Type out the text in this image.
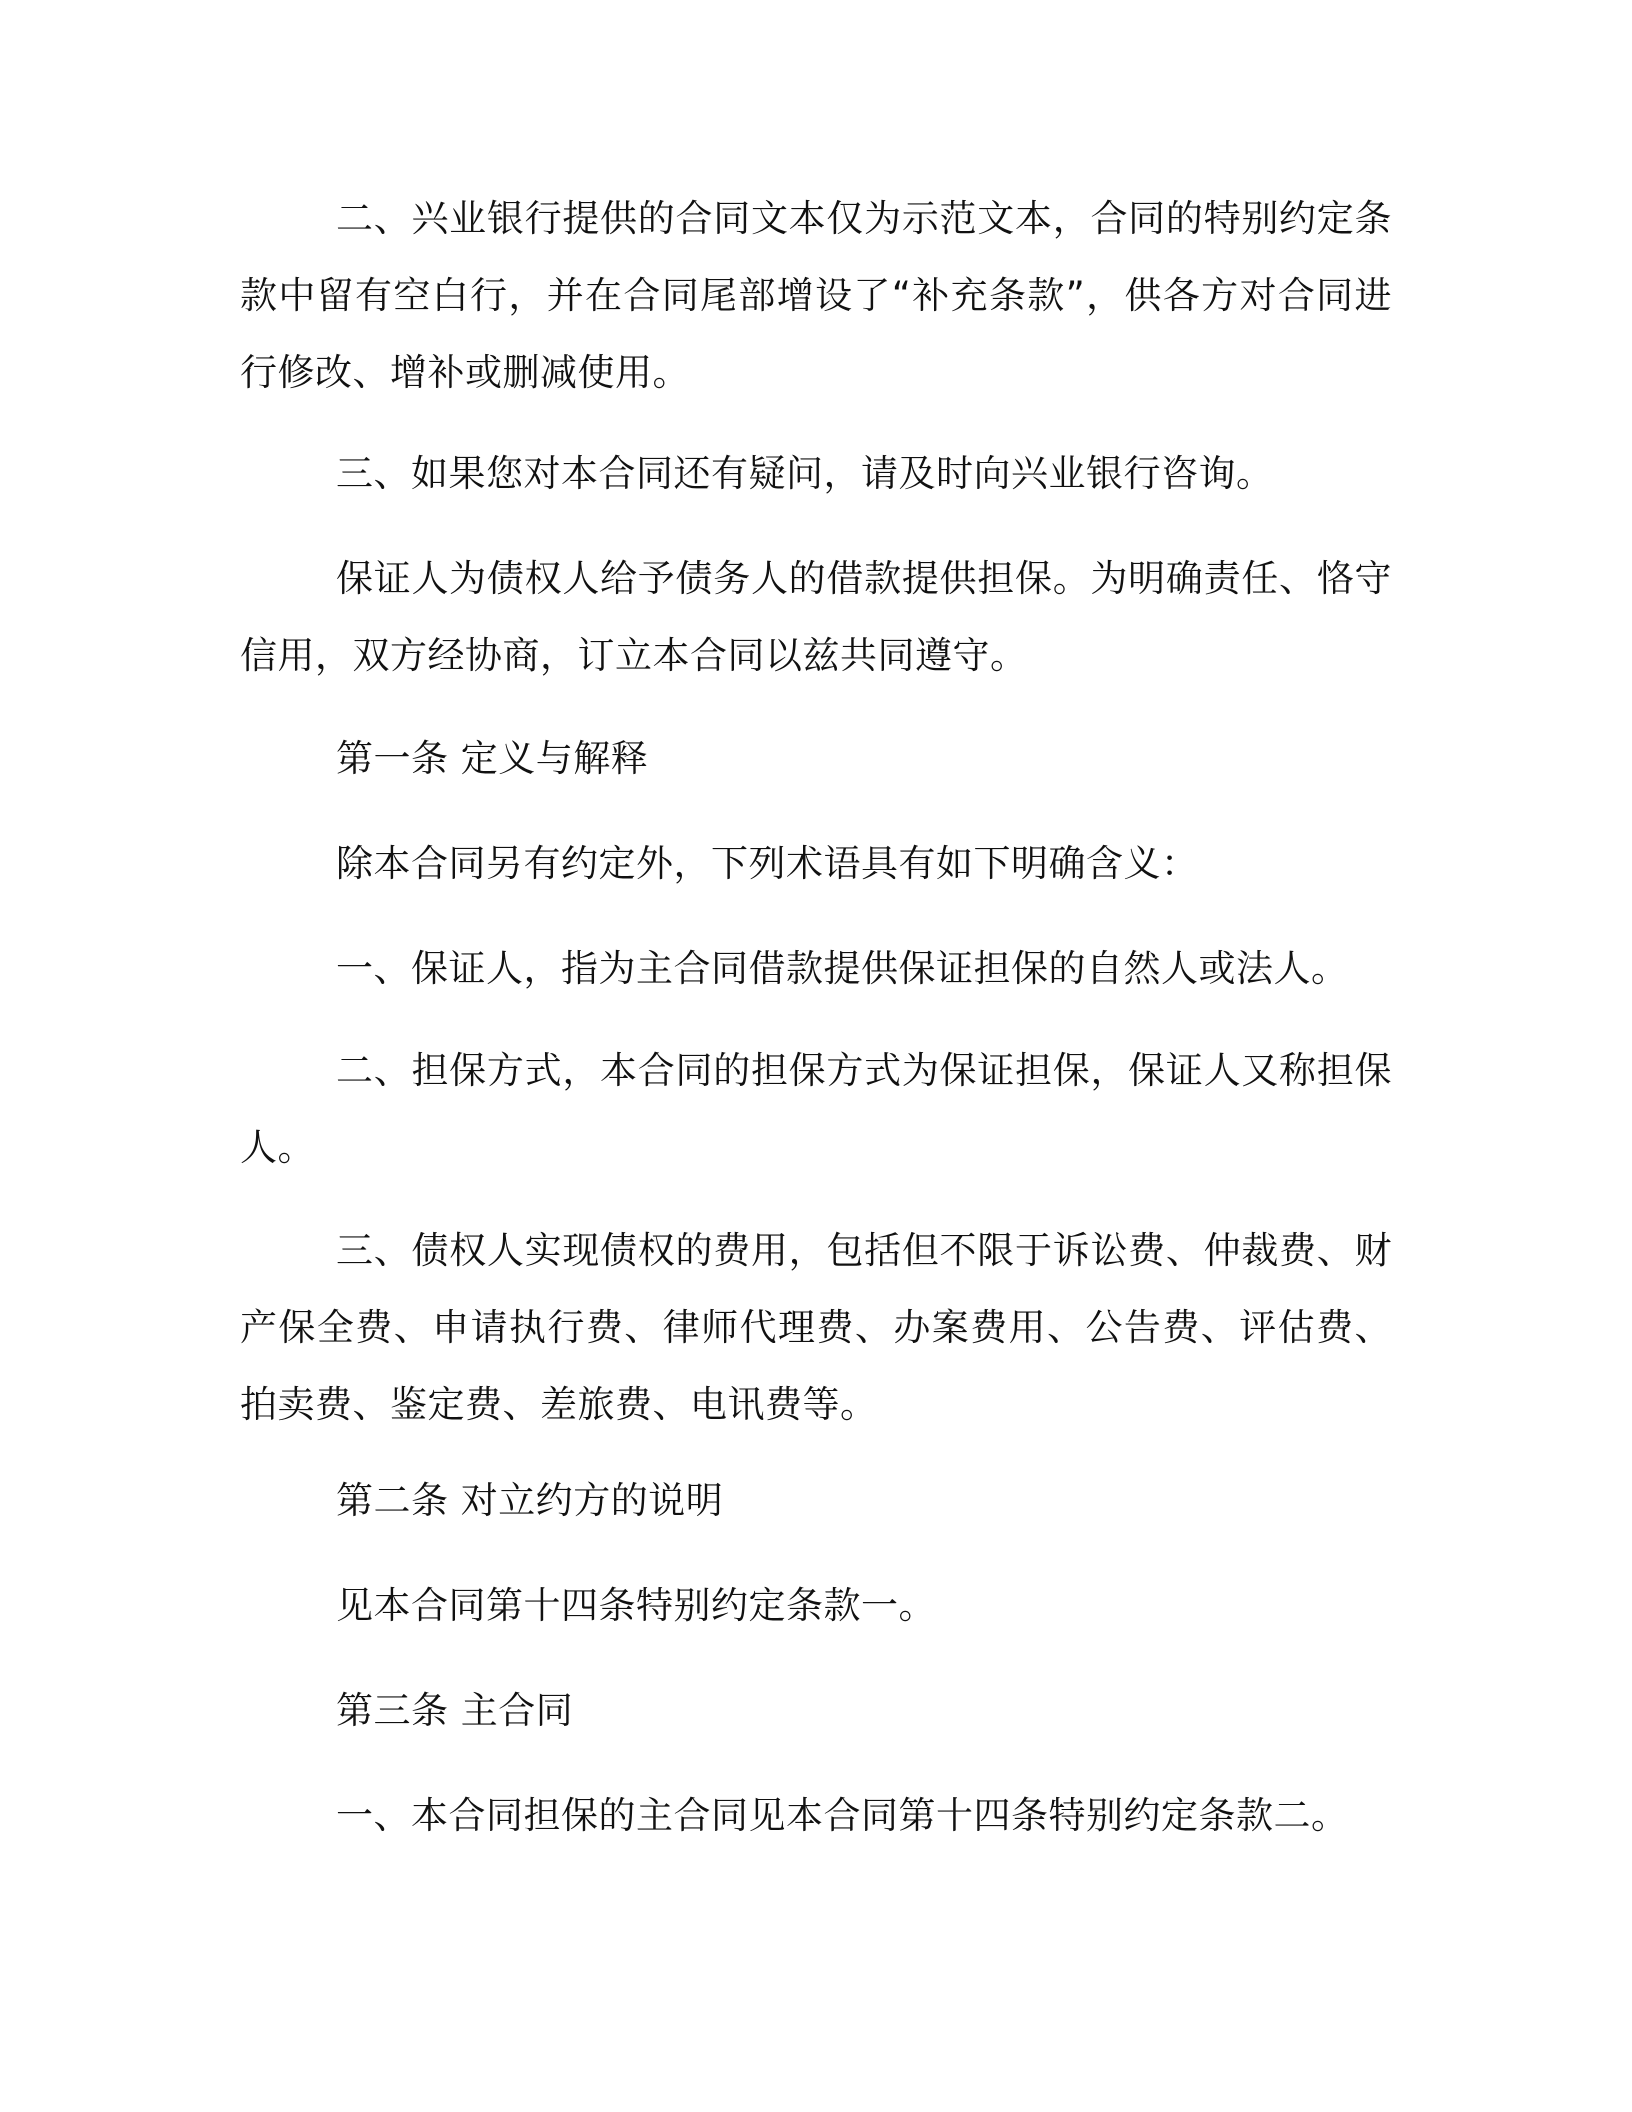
二、兴业银行提供的合同文本仅为示范文本，合同的特别约定条款中留有空白行，并在合同尾部增设了“补充条款”，供各方对合同进行修改、增补或删减使用。

三、如果您对本合同还有疑问，请及时向兴业银行咨询。

保证人为债权人给予债务人的借款提供担保。为明确责任、恪守信用，双方经协商，订立本合同以兹共同遵守。

第一条 定义与解释

除本合同另有约定外，下列术语具有如下明确含义：

一、保证人，指为主合同借款提供保证担保的自然人或法人。

二、担保方式，本合同的担保方式为保证担保，保证人又称担保人。

三、债权人实现债权的费用，包括但不限于诉讼费、仲裁费、财产保全费、申请执行费、律师代理费、办案费用、公告费、评估费、拍卖费、鉴定费、差旅费、电讯费等。

第二条 对立约方的说明

见本合同第十四条特别约定条款一。

第三条 主合同

一、本合同担保的主合同见本合同第十四条特别约定条款二。
